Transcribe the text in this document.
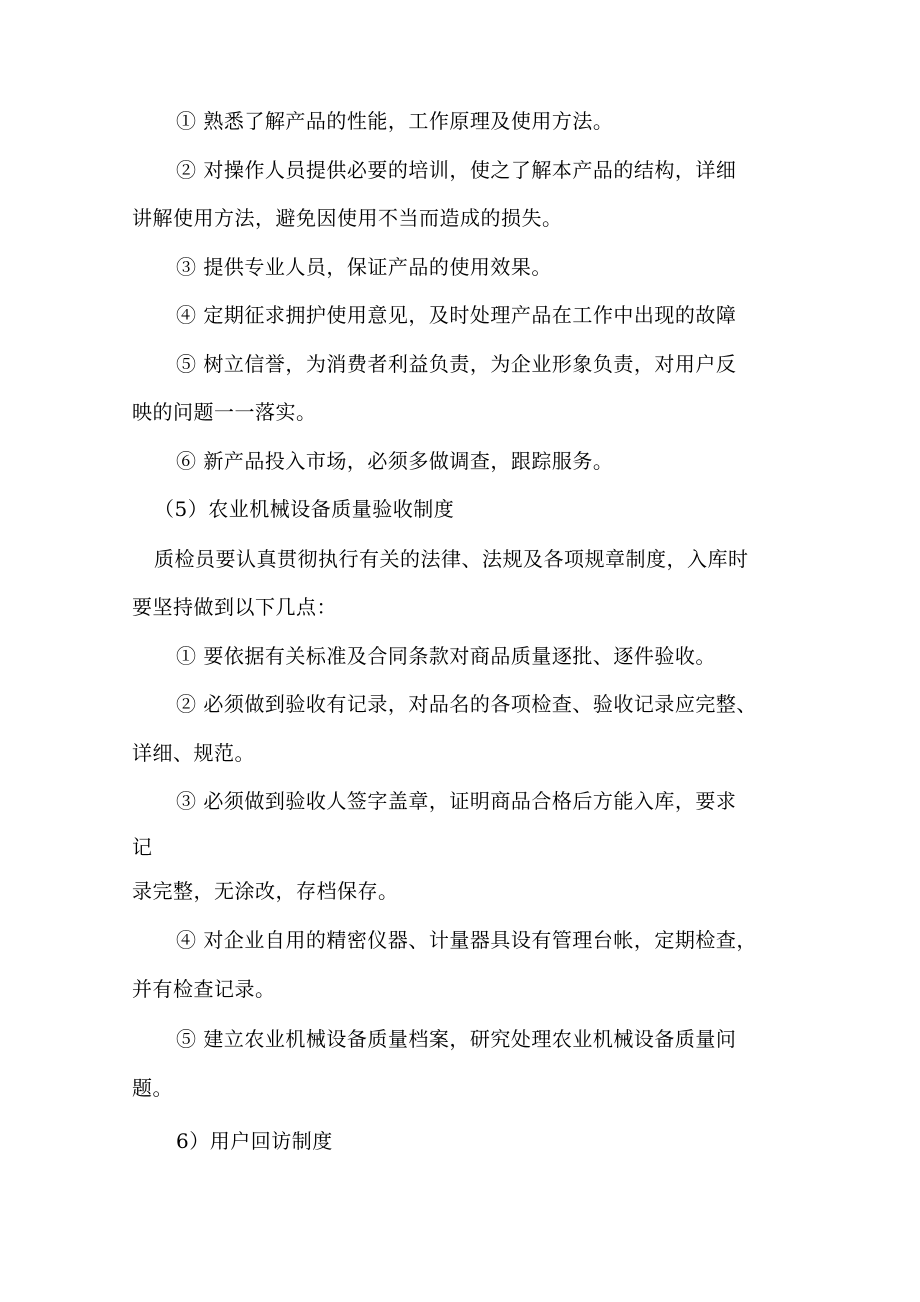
① 熟悉了解产品的性能，工作原理及使用方法。
② 对操作人员提供必要的培训，使之了解本产品的结构，详细
讲解使用方法，避免因使用不当而造成的损失。
③ 提供专业人员，保证产品的使用效果。
④ 定期征求拥护使用意见，及时处理产品在工作中出现的故障
⑤ 树立信誉，为消费者利益负责，为企业形象负责，对用户反
映的问题一一落实。
⑥ 新产品投入市场，必须多做调查，跟踪服务。
（5）农业机械设备质量验收制度
质检员要认真贯彻执行有关的法律、法规及各项规章制度，入库时
要坚持做到以下几点：
① 要依据有关标准及合同条款对商品质量逐批、逐件验收。
② 必须做到验收有记录，对品名的各项检查、验收记录应完整、
详细、规范。
③ 必须做到验收人签字盖章，证明商品合格后方能入库，要求
记
录完整，无涂改，存档保存。
④ 对企业自用的精密仪器、计量器具设有管理台帐，定期检查，
并有检查记录。
⑤ 建立农业机械设备质量档案，研究处理农业机械设备质量问
题。
6）用户回访制度
